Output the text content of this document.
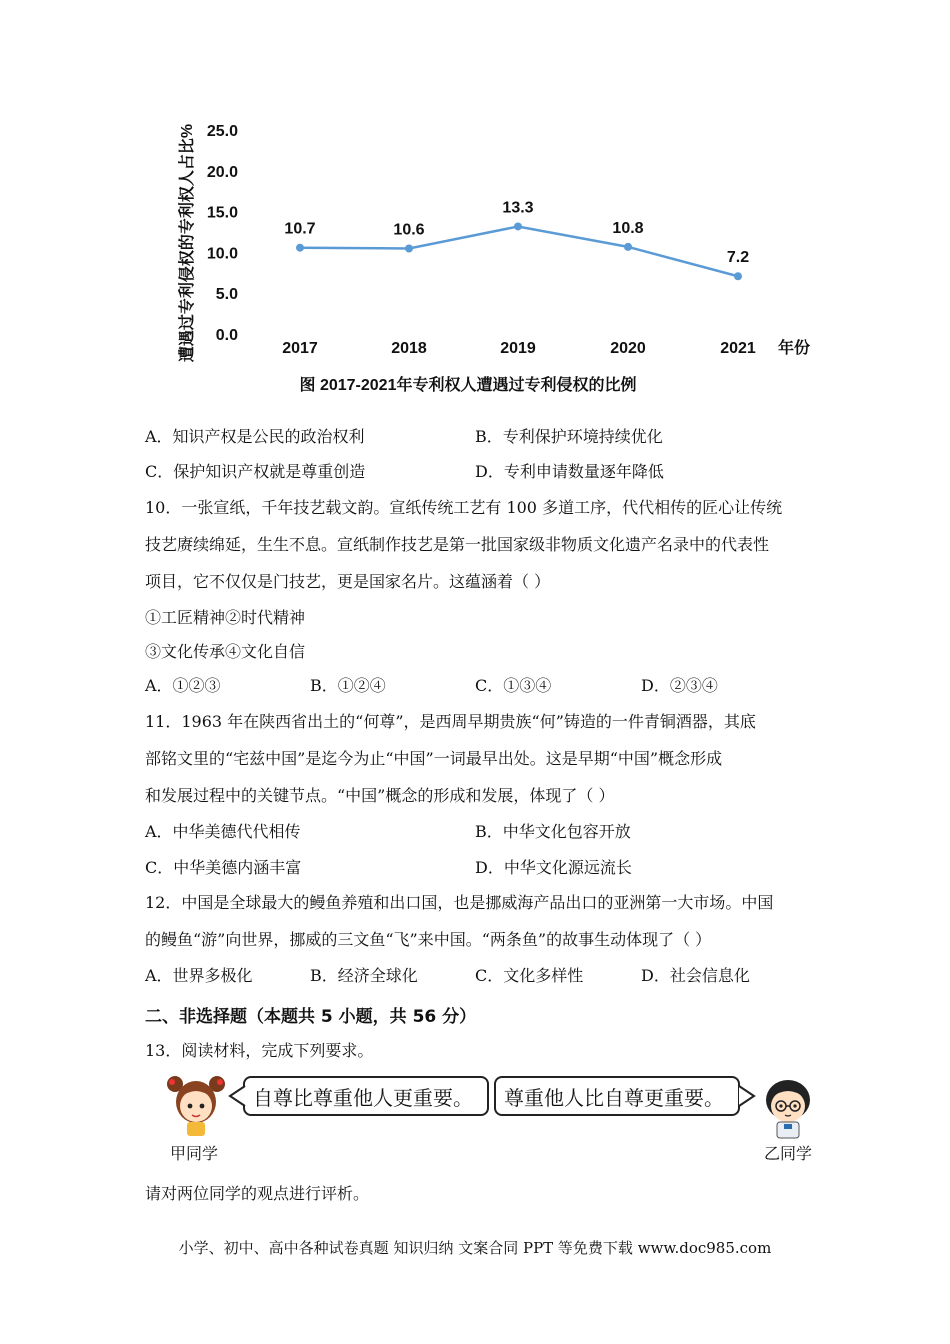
遭遇过专利侵权的专利权人占比% 25.0
20.0
15.0
10.0
5.0
0.0
2017	2018	2019	2020	2021
10.7	10.6
13.3
10.8
7.2
年份
图 2017-2021年专利权人遭遇过专利侵权的比例
A．知识产权是公民的政治权利	B．专利保护环境持续优化
C．保护知识产权就是尊重创造	D．专利申请数量逐年降低
10．一张宣纸，千年技艺载文韵。宣纸传统工艺有 100 多道工序，代代相传的匠心让传统
技艺赓续绵延，生生不息。宣纸制作技艺是第一批国家级非物质文化遗产名录中的代表性
项目，它不仅仅是门技艺，更是国家名片。这蕴涵着（ ）
①工匠精神②时代精神
③文化传承④文化自信
A．①②③	B．①②④	C．①③④	D．②③④
11．1963 年在陕西省出土的“何尊”，是西周早期贵族“何”铸造的一件青铜酒器，其底
部铭文里的“宅兹中国”是迄今为止“中国”一词最早出处。这是早期“中国”概念形成
和发展过程中的关键节点。“中国”概念的形成和发展，体现了（ ）
A．中华美德代代相传	B．中华文化包容开放
C．中华美德内涵丰富	D．中华文化源远流长
12．中国是全球最大的鳗鱼养殖和出口国，也是挪威海产品出口的亚洲第一大市场。中国
的鳗鱼“游”向世界，挪威的三文鱼“飞”来中国。“两条鱼”的故事生动体现了（ ）
A．世界多极化	B．经济全球化	C．文化多样性	D．社会信息化
二、非选择题（本题共 5 小题，共 56 分）
13．阅读材料，完成下列要求。
自尊比尊重他人更重要。	尊重他人比自尊更重要。
甲同学	乙同学
请对两位同学的观点进行评析。
小学、初中、高中各种试卷真题 知识归纳 文案合同 PPT 等免费下载 www.doc985.com
